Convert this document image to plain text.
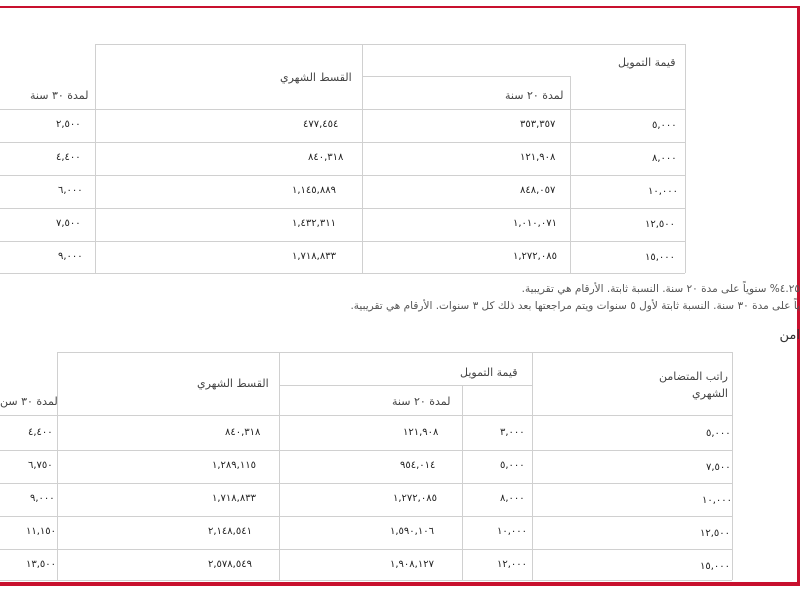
قيمة التمويل
القسط الشهري
لمدة ٢٠ سنة
لمدة ٣٠ سنة
٥,٠٠٠
٣٥٣,٣٥٧
٤٧٧,٤٥٤
٢,٥٠٠
٨,٠٠٠
١٢١,٩٠٨
٨٤٠,٣١٨
٤,٤٠٠
١٠,٠٠٠
٨٤٨,٠٥٧
١,١٤٥,٨٨٩
٦,٠٠٠
١٢,٥٠٠
١,٠١٠,٠٧١
١,٤٣٢,٣١١
٧,٥٠٠
١٥,٠٠٠
١,٢٧٢,٠٨٥
١,٧١٨,٨٣٣
٩,٠٠٠
٤.٢٥% سنوياً على مدة ٢٠ سنة. النسبة ثابتة. الأرقام هي تقريبية.
ياً على مدة ٣٠ سنة. النسبة ثابتة لأول ٥ سنوات ويتم مراجعتها بعد ذلك كل ٣ سنوات. الأرقام هي تقريبية.
امن
راتب المتضامن الشهري
قيمة التمويل
القسط الشهري
لمدة ٢٠ سنة
لمدة ٣٠ سن
٥,٠٠٠
٣,٠٠٠
١٢١,٩٠٨
٨٤٠,٣١٨
٤,٤٠٠
٧,٥٠٠
٥,٠٠٠
٩٥٤,٠١٤
١,٢٨٩,١١٥
٦,٧٥٠
١٠,٠٠٠
٨,٠٠٠
١,٢٧٢,٠٨٥
١,٧١٨,٨٣٣
٩,٠٠٠
١٢,٥٠٠
١٠,٠٠٠
١,٥٩٠,١٠٦
٢,١٤٨,٥٤١
١١,١٥٠
١٥,٠٠٠
١٢,٠٠٠
١,٩٠٨,١٢٧
٢,٥٧٨,٥٤٩
١٣,٥٠٠
